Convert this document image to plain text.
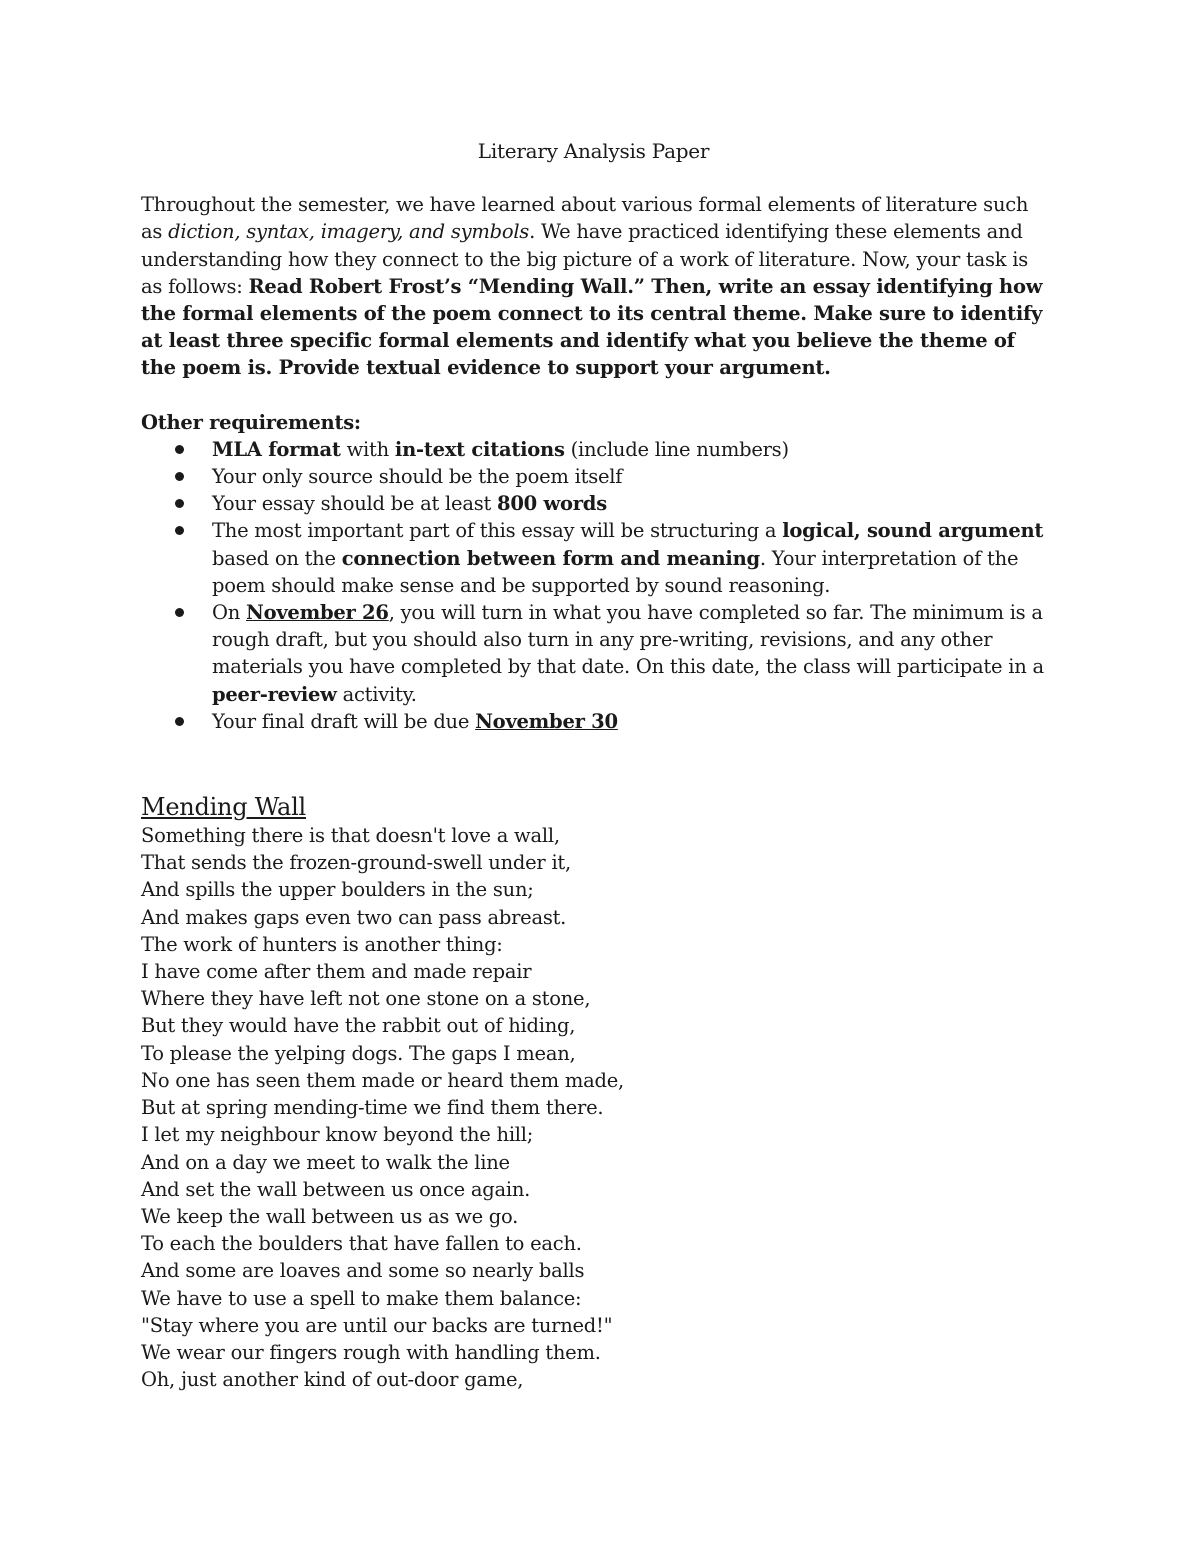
Literary Analysis Paper

Throughout the semester, we have learned about various formal elements of literature such as diction, syntax, imagery, and symbols. We have practiced identifying these elements and understanding how they connect to the big picture of a work of literature. Now, your task is as follows: Read Robert Frost’s “Mending Wall.” Then, write an essay identifying how the formal elements of the poem connect to its central theme. Make sure to identify at least three specific formal elements and identify what you believe the theme of the poem is. Provide textual evidence to support your argument.

Other requirements:
MLA format with in-text citations (include line numbers)
Your only source should be the poem itself
Your essay should be at least 800 words
The most important part of this essay will be structuring a logical, sound argument based on the connection between form and meaning. Your interpretation of the poem should make sense and be supported by sound reasoning.
On November 26, you will turn in what you have completed so far. The minimum is a rough draft, but you should also turn in any pre-writing, revisions, and any other materials you have completed by that date. On this date, the class will participate in a peer-review activity.
Your final draft will be due November 30
Mending Wall

Something there is that doesn't love a wall,

That sends the frozen-ground-swell under it,

And spills the upper boulders in the sun;

And makes gaps even two can pass abreast.

The work of hunters is another thing:

I have come after them and made repair

Where they have left not one stone on a stone,

But they would have the rabbit out of hiding,

To please the yelping dogs. The gaps I mean,

No one has seen them made or heard them made,

But at spring mending-time we find them there.

I let my neighbour know beyond the hill;

And on a day we meet to walk the line

And set the wall between us once again.

We keep the wall between us as we go.

To each the boulders that have fallen to each.

And some are loaves and some so nearly balls

We have to use a spell to make them balance:

"Stay where you are until our backs are turned!"

We wear our fingers rough with handling them.

Oh, just another kind of out-door game,
